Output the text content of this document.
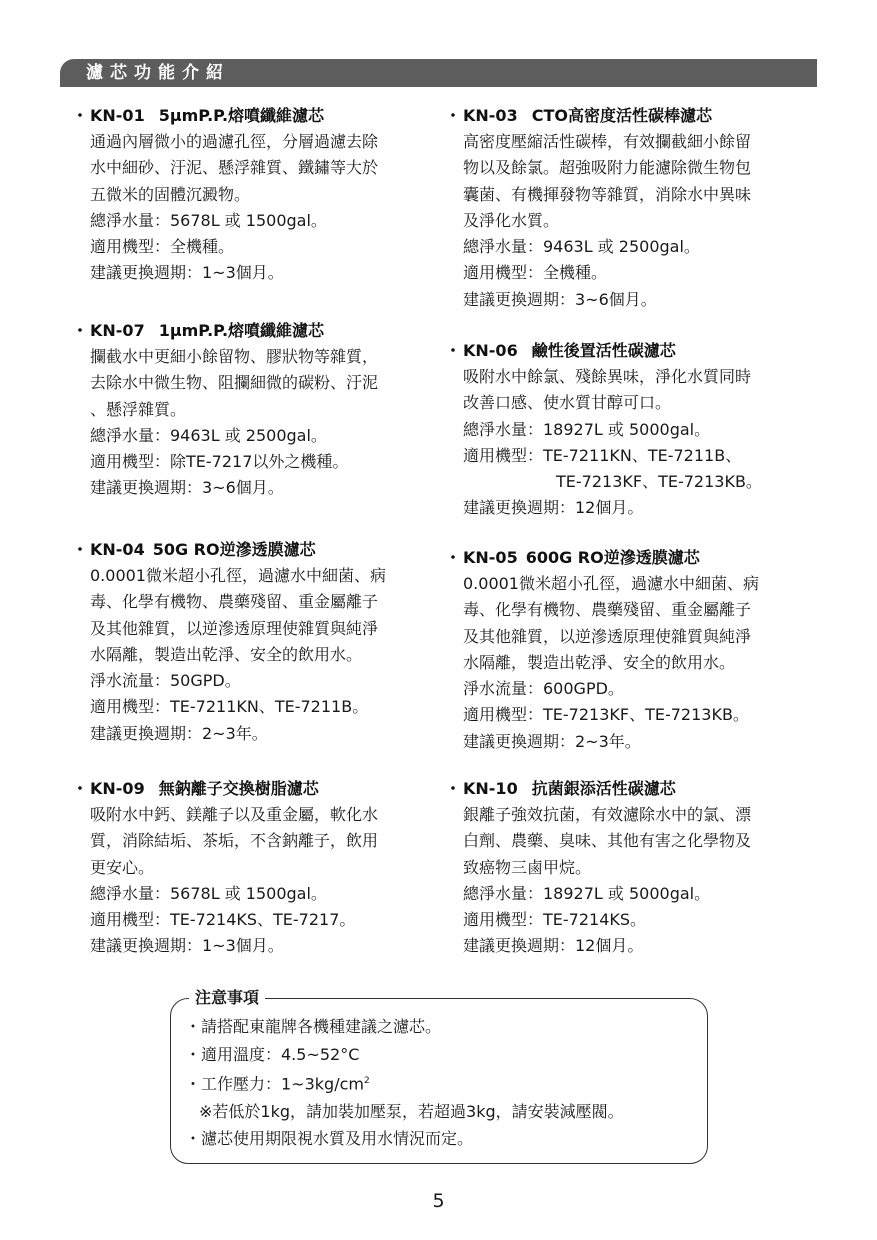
濾芯功能介紹
・ KN-01 5μmP.P.熔噴纖維濾芯

通過內層微小的過濾孔徑，分層過濾去除

水中細砂、汙泥、懸浮雜質、鐵鏽等大於

五微米的固體沉澱物。

總淨水量：5678L 或 1500gal。

適用機型：全機種。

建議更換週期：1~3個月。

・ KN-07 1μmP.P.熔噴纖維濾芯

攔截水中更細小餘留物、膠狀物等雜質，

去除水中微生物、阻攔細微的碳粉、汙泥

、懸浮雜質。

總淨水量：9463L 或 2500gal。

適用機型：除TE-7217以外之機種。

建議更換週期：3~6個月。

・ KN-04 50G RO逆滲透膜濾芯

0.0001微米超小孔徑，過濾水中細菌、病

毒、化學有機物、農藥殘留、重金屬離子

及其他雜質，以逆滲透原理使雜質與純淨

水隔離，製造出乾淨、安全的飲用水。

淨水流量：50GPD。

適用機型：TE-7211KN、TE-7211B。

建議更換週期：2~3年。

・ KN-09 無鈉離子交換樹脂濾芯

吸附水中鈣、鎂離子以及重金屬，軟化水

質，消除結垢、茶垢，不含鈉離子，飲用

更安心。

總淨水量：5678L 或 1500gal。

適用機型：TE-7214KS、TE-7217。

建議更換週期：1~3個月。

・ KN-03 CTO高密度活性碳棒濾芯

高密度壓縮活性碳棒，有效攔截細小餘留

物以及餘氯。超強吸附力能濾除微生物包

囊菌、有機揮發物等雜質，消除水中異味

及淨化水質。

總淨水量：9463L 或 2500gal。

適用機型：全機種。

建議更換週期：3~6個月。

・ KN-06 鹼性後置活性碳濾芯

吸附水中餘氯、殘餘異味，淨化水質同時

改善口感、使水質甘醇可口。

總淨水量：18927L 或 5000gal。

適用機型：TE-7211KN、TE-7211B、

TE-7213KF、TE-7213KB。

建議更換週期：12個月。

・ KN-05 600G RO逆滲透膜濾芯

0.0001微米超小孔徑，過濾水中細菌、病

毒、化學有機物、農藥殘留、重金屬離子

及其他雜質，以逆滲透原理使雜質與純淨

水隔離，製造出乾淨、安全的飲用水。

淨水流量：600GPD。

適用機型：TE-7213KF、TE-7213KB。

建議更換週期：2~3年。

・ KN-10 抗菌銀添活性碳濾芯

銀離子強效抗菌，有效濾除水中的氯、漂

白劑、農藥、臭味、其他有害之化學物及

致癌物三鹵甲烷。

總淨水量：18927L 或 5000gal。

適用機型：TE-7214KS。

建議更換週期：12個月。

注意事項

・請搭配東龍牌各機種建議之濾芯。

・適用溫度：4.5~52°C

・工作壓力：$1\sim 3kg/cm^2$

※若低於1kg，請加裝加壓泵，若超過3kg，請安裝減壓閥。

・濾芯使用期限視水質及用水情況而定。

5
